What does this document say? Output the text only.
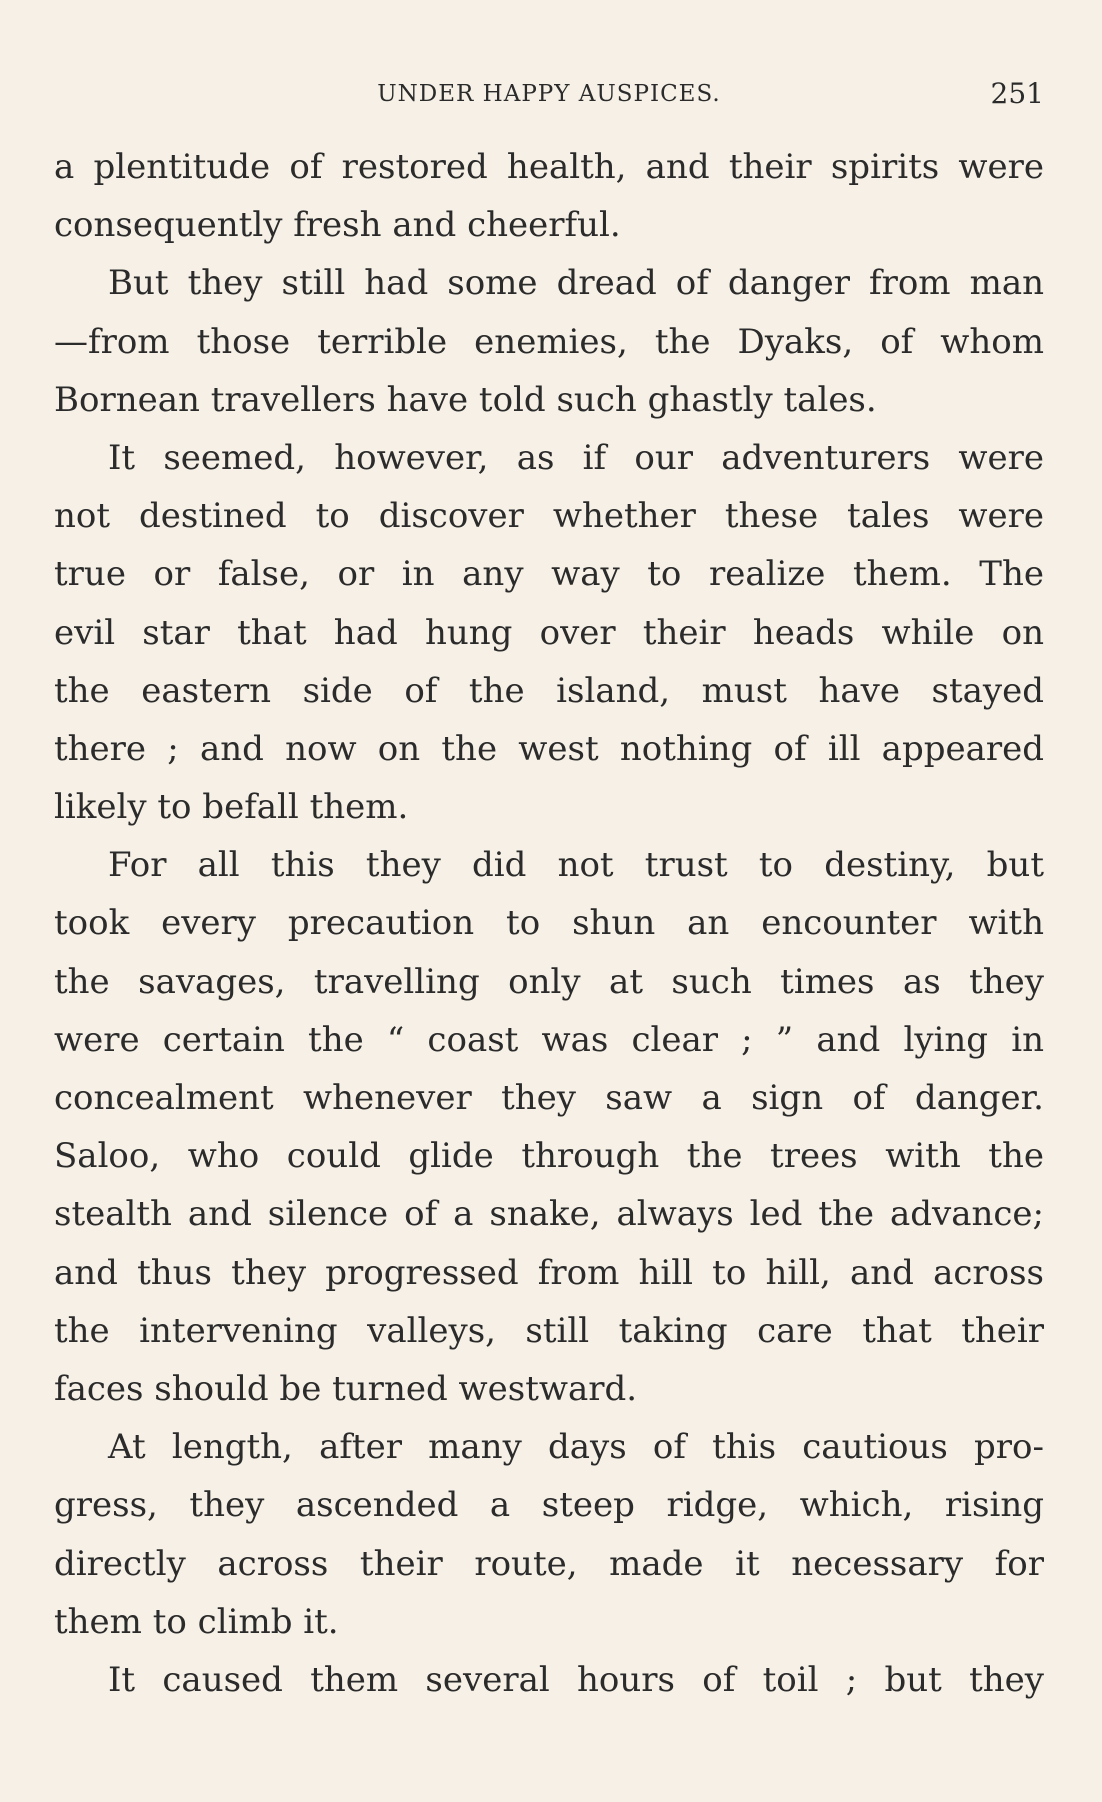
UNDER HAPPY AUSPICES.	251
a plentitude of restored health, and their spirits were
consequently fresh and cheerful.
But they still had some dread of danger from man
—from those terrible enemies, the Dyaks, of whom
Bornean travellers have told such ghastly tales.
It seemed, however, as if our adventurers were
not destined to discover whether these tales were
true or false, or in any way to realize them. The
evil star that had hung over their heads while on
the eastern side of the island, must have stayed
there ; and now on the west nothing of ill appeared
likely to befall them.
For all this they did not trust to destiny, but
took every precaution to shun an encounter with
the savages, travelling only at such times as they
were certain the “ coast was clear ; ” and lying in
concealment whenever they saw a sign of danger.
Saloo, who could glide through the trees with the
stealth and silence of a snake, always led the advance;
and thus they progressed from hill to hill, and across
the intervening valleys, still taking care that their
faces should be turned westward.
At length, after many days of this cautious pro-
gress, they ascended a steep ridge, which, rising
directly across their route, made it necessary for
them to climb it.
It caused them several hours of toil ; but they
